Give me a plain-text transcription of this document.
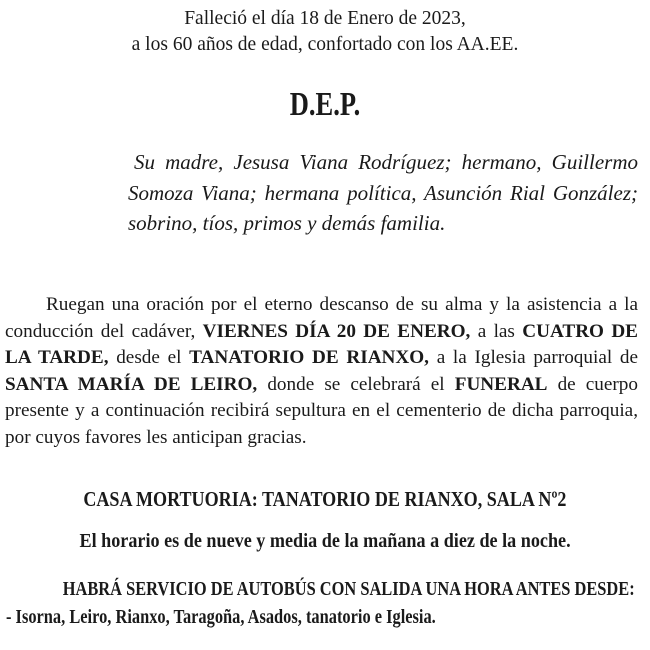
Falleció el día 18 de Enero de 2023,
a los 60 años de edad, confortado con los AA.EE.
D.E.P.
Su madre, Jesusa Viana Rodríguez; hermano, Guillermo Somoza Viana; hermana política, Asunción Rial González; sobrino, tíos, primos y demás familia.
Ruegan una oración por el eterno descanso de su alma y la asistencia a la conducción del cadáver, VIERNES DÍA 20 DE ENERO, a las CUATRO DE LA TARDE, desde el TANATORIO DE RIANXO, a la Iglesia parroquial de SANTA MARÍA DE LEIRO, donde se celebrará el FUNERAL de cuerpo presente y a continuación recibirá sepultura en el cementerio de dicha parroquia, por cuyos favores les anticipan gracias.
CASA MORTUORIA: TANATORIO DE RIANXO, SALA Nº2
El horario es de nueve y media de la mañana a diez de la noche.
HABRÁ SERVICIO DE AUTOBÚS CON SALIDA UNA HORA ANTES DESDE:
- Isorna, Leiro, Rianxo, Taragoña, Asados, tanatorio e Iglesia.
